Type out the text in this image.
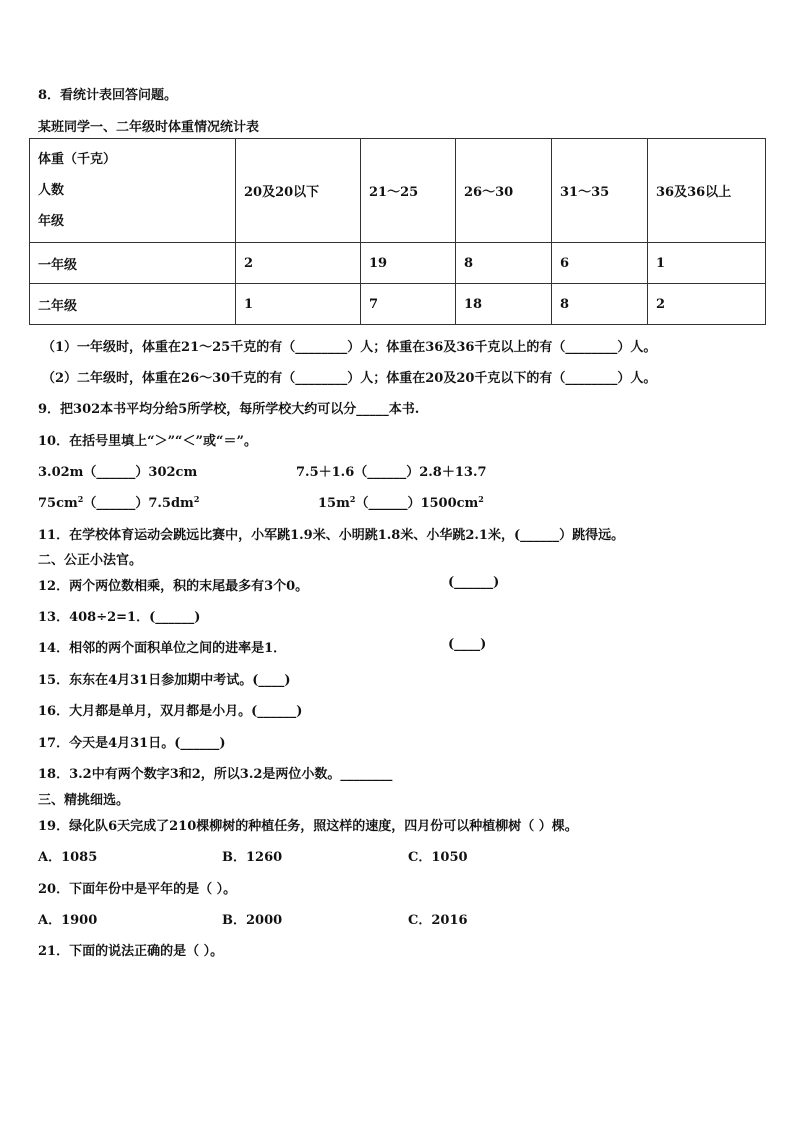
8．看统计表回答问题。
某班同学一、二年级时体重情况统计表
体重（千克）
人数
年级	20及20以下	21～25	26～30	31～35	36及36以上
一年级	2	19	8	6	1
二年级	1	7	18	8	2
（1）一年级时，体重在21～25千克的有（________）人；体重在36及36千克以上的有（________）人。
（2）二年级时，体重在26～30千克的有（________）人；体重在20及20千克以下的有（________）人。
9．把302本书平均分给5所学校，每所学校大约可以分_____本书.
10．在括号里填上“＞”“＜”或“＝”。
3.02m（______）302cm	7.5＋1.6（______）2.8＋13.7
$75cm^2(\_\_\_\_\_\_)7.5dm^2$	$15m^2(\_\_\_\_\_\_)1500cm^2$
11．在学校体育运动会跳远比赛中，小军跳1.9米、小明跳1.8米、小华跳2.1米，(______）跳得远。
二、公正小法官。
12．两个两位数相乘，积的末尾最多有3个0。	(______)
13．408÷2=1．(______)
14．相邻的两个面积单位之间的进率是1．	(____)
15．东东在4月31日参加期中考试。(____)
16．大月都是单月，双月都是小月。(______)
17．今天是4月31日。(______)
18．3.2中有两个数字3和2，所以3.2是两位小数。________
三、精挑细选。
19．绿化队6天完成了210棵柳树的种植任务，照这样的速度，四月份可以种植柳树（ ）棵。
A．1085	B．1260	C．1050
20．下面年份中是平年的是（ ）。
A．1900	B．2000	C．2016
21．下面的说法正确的是（ ）。
